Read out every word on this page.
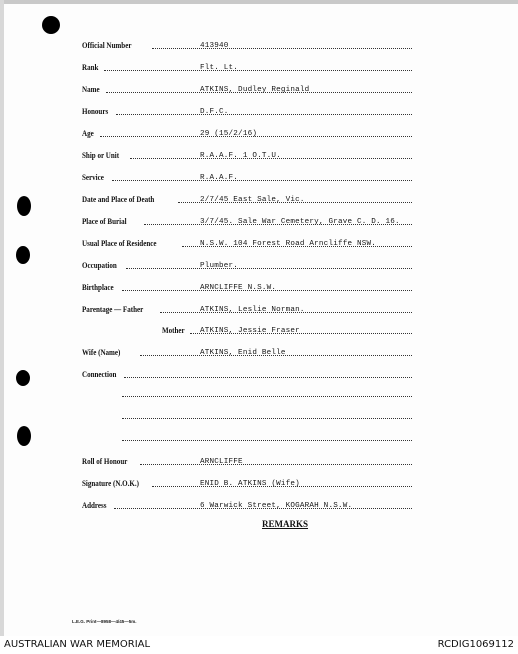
Official Number	413940
Rank	Flt. Lt.
Name	ATKINS, Dudley Reginald
Honours	D.F.C.
Age	29 (15/2/16)
Ship or Unit	R.A.A.F. 1 O.T.U.
Service	R.A.A.F.
Date and Place of Death	2/7/45 East Sale, Vic.
Place of Burial	3/7/45. Sale War Cemetery, Grave C. D. 16.
Usual Place of Residence	N.S.W. 104 Forest Road Arncliffe NSW.
Occupation	Plumber.
Birthplace	ARNCLIFFE N.S.W.
Parentage — Father	ATKINS, Leslie Norman.
Mother ATKINS, Jessie Fraser
Wife (Name)	ATKINS, Enid Belle
Connection
Roll of Honour	ARNCLIFFE
Signature (N.O.K.)	ENID B. ATKINS (Wife)
Address	6 Warwick Street, KOGARAH N.S.W.
REMARKS
L.E.G. Print—8958—4/45—5m.
AUSTRALIAN WAR MEMORIAL	RCDIG1069112
